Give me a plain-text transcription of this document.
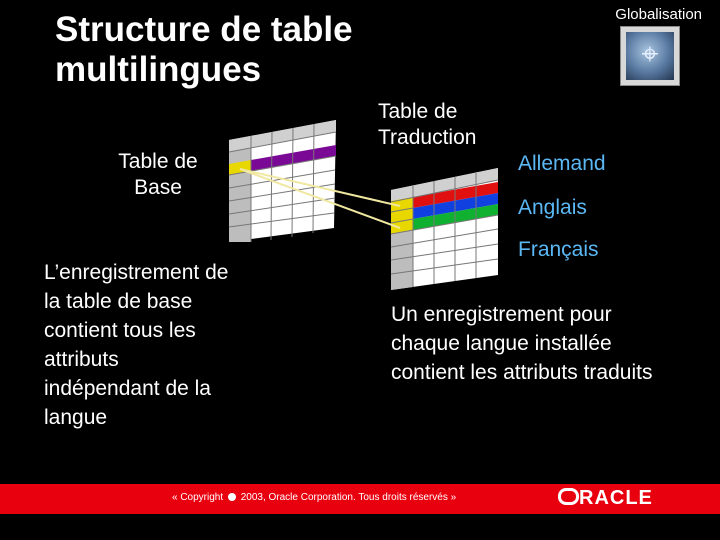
Structure de table
multilingues
Globalisation
⌖
Table de
Base
Table de
Traduction
Allemand
Anglais
Français
L’enregistrement de
la table de base
contient tous les
attributs
indépendant de la
langue
Un enregistrement pour
chaque langue installée
contient les attributs traduits
« Copyright 2003, Oracle Corporation. Tous droits réservés »	RACLE
